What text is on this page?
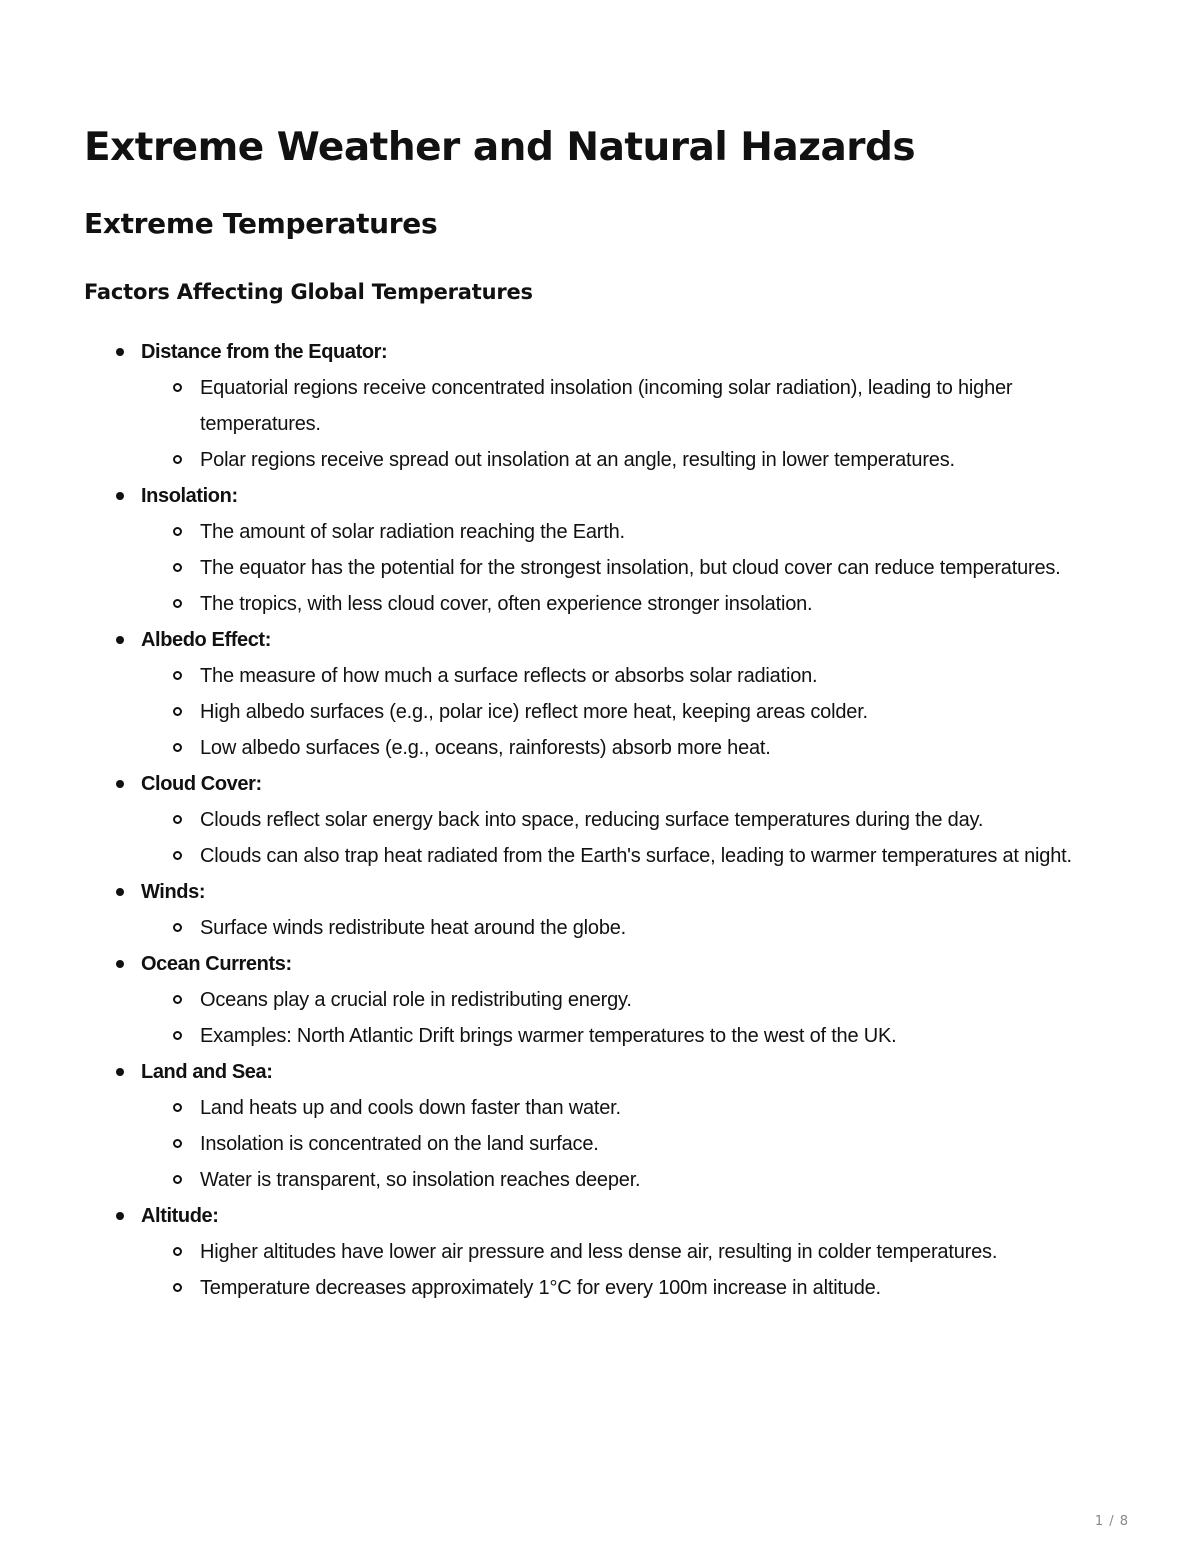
Extreme Weather and Natural Hazards
Extreme Temperatures
Factors Affecting Global Temperatures
Distance from the Equator:
Equatorial regions receive concentrated insolation (incoming solar radiation), leading to higher temperatures.
Polar regions receive spread out insolation at an angle, resulting in lower temperatures.
Insolation:
The amount of solar radiation reaching the Earth.
The equator has the potential for the strongest insolation, but cloud cover can reduce temperatures.
The tropics, with less cloud cover, often experience stronger insolation.
Albedo Effect:
The measure of how much a surface reflects or absorbs solar radiation.
High albedo surfaces (e.g., polar ice) reflect more heat, keeping areas colder.
Low albedo surfaces (e.g., oceans, rainforests) absorb more heat.
Cloud Cover:
Clouds reflect solar energy back into space, reducing surface temperatures during the day.
Clouds can also trap heat radiated from the Earth's surface, leading to warmer temperatures at night.
Winds:
Surface winds redistribute heat around the globe.
Ocean Currents:
Oceans play a crucial role in redistributing energy.
Examples: North Atlantic Drift brings warmer temperatures to the west of the UK.
Land and Sea:
Land heats up and cools down faster than water.
Insolation is concentrated on the land surface.
Water is transparent, so insolation reaches deeper.
Altitude:
Higher altitudes have lower air pressure and less dense air, resulting in colder temperatures.
Temperature decreases approximately 1°C for every 100m increase in altitude.
1 / 8
